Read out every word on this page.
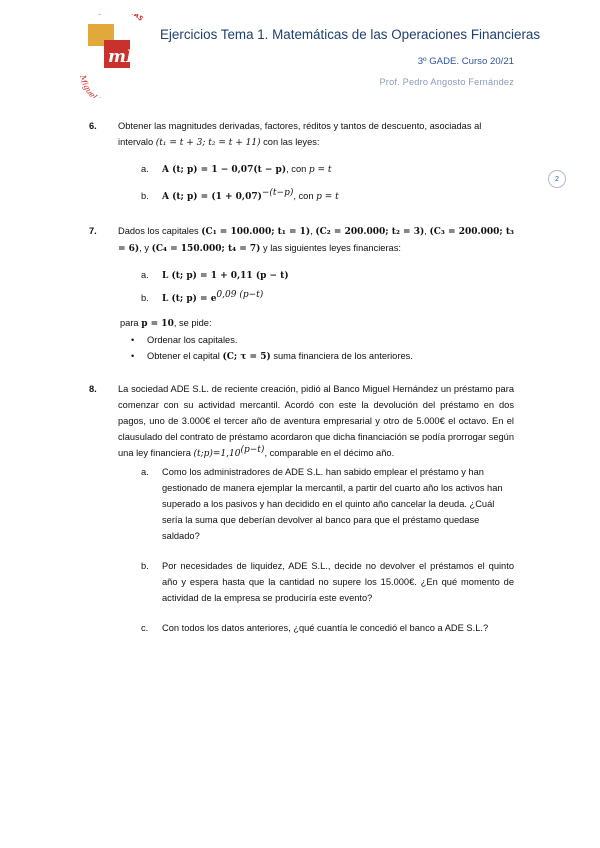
mH
AS
Miguel
Ejercicios Tema 1. Matemáticas de las Operaciones Financieras
3º GADE. Curso 20/21
Prof. Pedro Angosto Fernández
2
6. Obtener las magnitudes derivadas, factores, réditos y tantos de descuento, asociadas al intervalo (t₁ = t + 3; t₂ = t + 11) con las leyes:
a. A (t; p) = 1 − 0,07(t − p), con p = t
b. A (t; $p) = (1 + 0,07)^{-(t-p)}$, con p = t
7. Dados los capitales (C₁ = 100.000; t₁ = 1), (C₂ = 200.000; t₂ = 3), (C₃ = 200.000; t₃ = 6), y (C₄ = 150.000; t₄ = 7) y las siguientes leyes financieras:
a. L (t; p) = 1 + 0,11 (p − t)
b. L (t; $p) = e^{0,09 (p-t)}$
para p = 10, se pide:
• Ordenar los capitales.
• Obtener el capital (C; τ = 5) suma financiera de los anteriores.
8. La sociedad ADE S.L. de reciente creación, pidió al Banco Miguel Hernández un préstamo para comenzar con su actividad mercantil. Acordó con este la devolución del préstamo en dos pagos, uno de 3.000€ el tercer año de aventura empresarial y otro de 5.000€ el octavo. En el clausulado del contrato de préstamo acordaron que dicha financiación se podía prorrogar según una ley financiera $(t;p)=1,10^{(p-t)}$, comparable en el décimo año.
a. Como los administradores de ADE S.L. han sabido emplear el préstamo y han gestionado de manera ejemplar la mercantil, a partir del cuarto año los activos han superado a los pasivos y han decidido en el quinto año cancelar la deuda. ¿Cuál sería la suma que deberían devolver al banco para que el préstamo quedase saldado?
b. Por necesidades de liquidez, ADE S.L., decide no devolver el préstamos el quinto año y espera hasta que la cantidad no supere los 15.000€. ¿En qué momento de actividad de la empresa se produciría este evento?
c. Con todos los datos anteriores, ¿qué cuantía le concedió el banco a ADE S.L.?
